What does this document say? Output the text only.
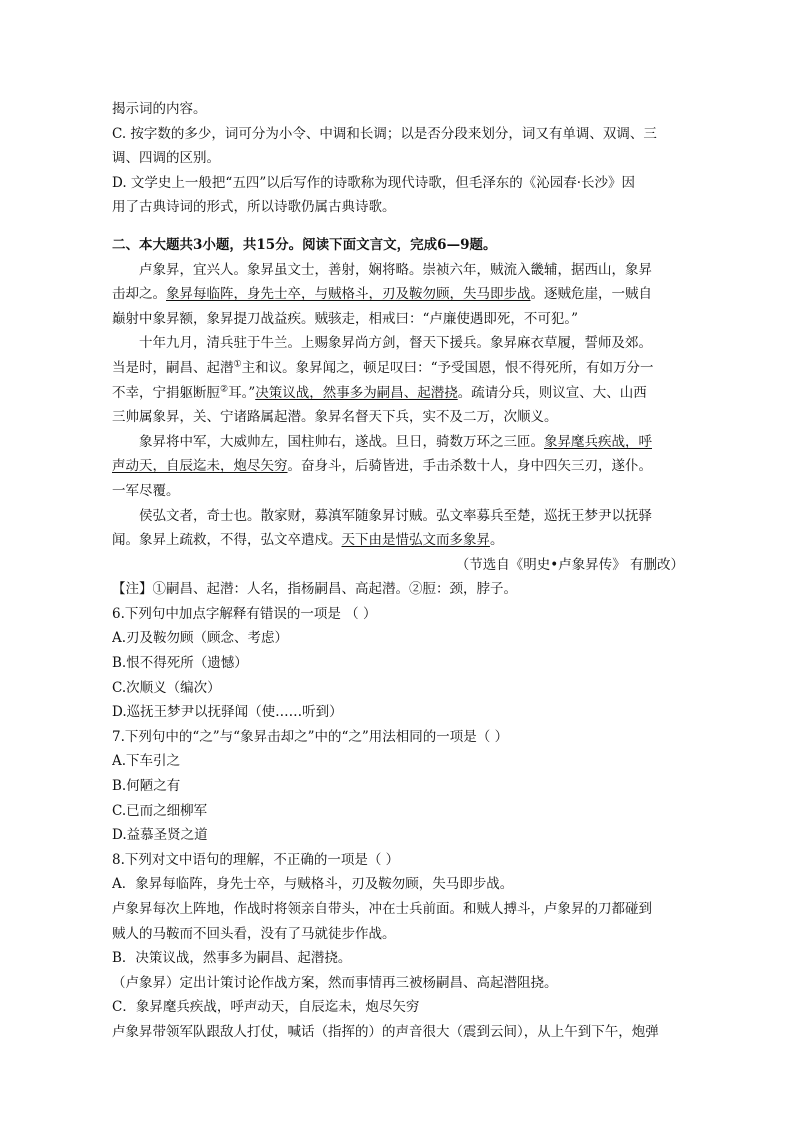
揭示词的内容。
C. 按字数的多少，词可分为小令、中调和长调；以是否分段来划分，词又有单调、双调、三
调、四调的区别。
D. 文学史上一般把“五四”以后写作的诗歌称为现代诗歌，但毛泽东的《沁园春·长沙》因
用了古典诗词的形式，所以诗歌仍属古典诗歌。
二、本大题共3小题，共15分。阅读下面文言文，完成6—9题。
卢象昇，宜兴人。象昇虽文士，善射，娴将略。崇祯六年，贼流入畿辅，据西山，象昇
击却之。象昇每临阵，身先士卒，与贼格斗，刃及鞍勿顾，失马即步战。逐贼危崖，一贼自
巅射中象昇额，象昇提刀战益疾。贼骇走，相戒曰：“卢廉使遇即死，不可犯。”
十年九月，清兵驻于牛兰。上赐象昇尚方剑，督天下援兵。象昇麻衣草履，誓师及郊。
当是时，嗣昌、起潜①主和议。象昇闻之，顿足叹曰：“予受国恩，恨不得死所，有如万分一
不幸，宁捐躯断脰②耳。”决策议战，然事多为嗣昌、起潜挠。疏请分兵，则议宣、大、山西
三帅属象昇，关、宁诸路属起潜。象昇名督天下兵，实不及二万，次顺义。
象昇将中军，大威帅左，国柱帅右，遂战。旦日，骑数万环之三匝。象昇麾兵疾战，呼
声动天，自辰迄未，炮尽矢穷。奋身斗，后骑皆进，手击杀数十人，身中四矢三刃，遂仆。
一军尽覆。
侯弘文者，奇士也。散家财，募滇军随象昇讨贼。弘文率募兵至楚，巡抚王梦尹以抚驿
闻。象昇上疏救，不得，弘文卒遣戍。天下由是惜弘文而多象昇。
（节选自《明史•卢象昇传》 有删改）
【注】①嗣昌、起潜：人名，指杨嗣昌、高起潜。②脰：颈，脖子。
6.下列句中加点字解释有错误的一项是 （ ）
A.刃及鞍勿顾（顾念、考虑）
B.恨不得死所（遗憾）
C.次顺义（编次）
D.巡抚王梦尹以抚驿闻（使……听到）
7.下列句中的“之”与“象昇击却之”中的“之”用法相同的一项是（ ）
A.下车引之
B.何陋之有
C.已而之细柳军
D.益慕圣贤之道
8.下列对文中语句的理解，不正确的一项是（ ）
A．象昇每临阵，身先士卒，与贼格斗，刃及鞍勿顾，失马即步战。
卢象昇每次上阵地，作战时将领亲自带头，冲在士兵前面。和贼人搏斗，卢象昇的刀都碰到
贼人的马鞍而不回头看，没有了马就徒步作战。
B．决策议战，然事多为嗣昌、起潜挠。
（卢象昇）定出计策讨论作战方案，然而事情再三被杨嗣昌、高起潜阻挠。
C．象昇麾兵疾战，呼声动天，自辰迄未，炮尽矢穷
卢象昇带领军队跟敌人打仗，喊话（指挥的）的声音很大（震到云间），从上午到下午，炮弹
